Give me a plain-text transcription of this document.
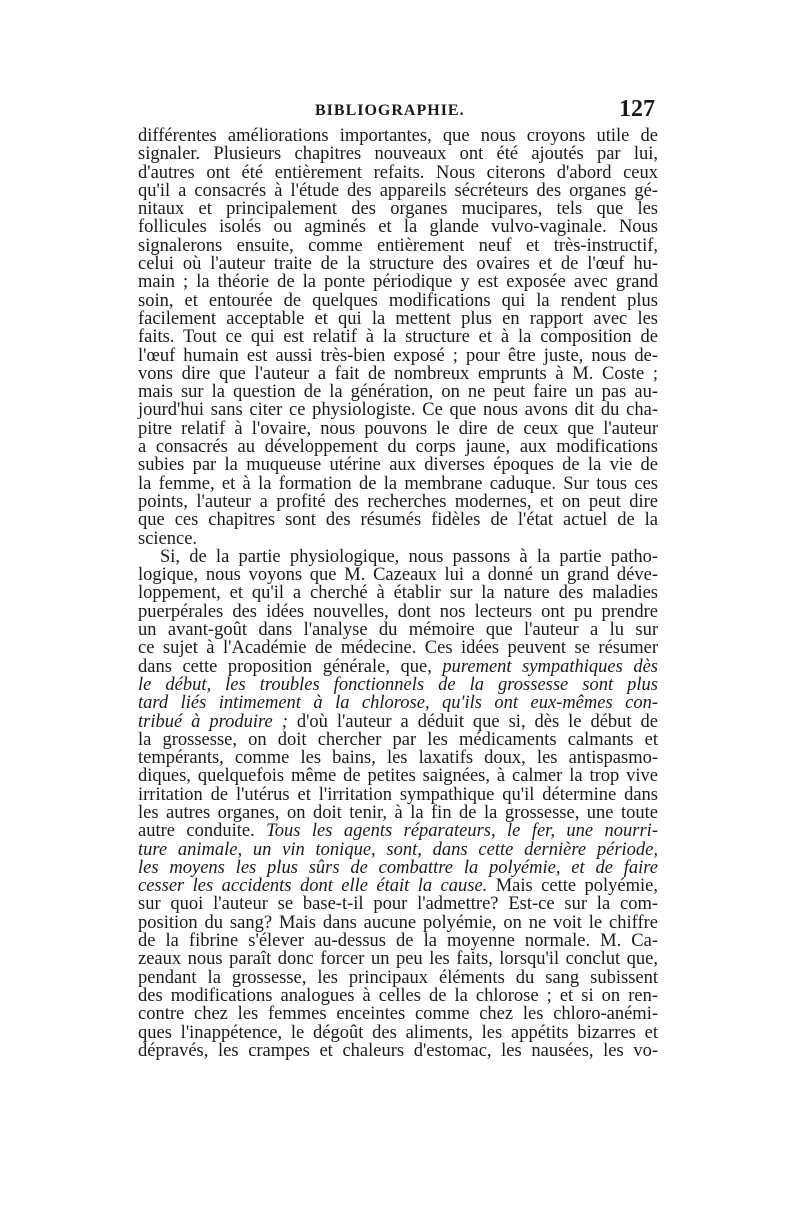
BIBLIOGRAPHIE.	127
différentes améliorations importantes, que nous croyons utile de
signaler. Plusieurs chapitres nouveaux ont été ajoutés par lui,
d'autres ont été entièrement refaits. Nous citerons d'abord ceux
qu'il a consacrés à l'étude des appareils sécréteurs des organes gé-
nitaux et principalement des organes mucipares, tels que les
follicules isolés ou agminés et la glande vulvo-vaginale. Nous
signalerons ensuite, comme entièrement neuf et très-instructif,
celui où l'auteur traite de la structure des ovaires et de l'œuf hu-
main ; la théorie de la ponte périodique y est exposée avec grand
soin, et entourée de quelques modifications qui la rendent plus
facilement acceptable et qui la mettent plus en rapport avec les
faits. Tout ce qui est relatif à la structure et à la composition de
l'œuf humain est aussi très-bien exposé ; pour être juste, nous de-
vons dire que l'auteur a fait de nombreux emprunts à M. Coste ;
mais sur la question de la génération, on ne peut faire un pas au-
jourd'hui sans citer ce physiologiste. Ce que nous avons dit du cha-
pitre relatif à l'ovaire, nous pouvons le dire de ceux que l'auteur
a consacrés au développement du corps jaune, aux modifications
subies par la muqueuse utérine aux diverses époques de la vie de
la femme, et à la formation de la membrane caduque. Sur tous ces
points, l'auteur a profité des recherches modernes, et on peut dire
que ces chapitres sont des résumés fidèles de l'état actuel de la
science.
Si, de la partie physiologique, nous passons à la partie patho-
logique, nous voyons que M. Cazeaux lui a donné un grand déve-
loppement, et qu'il a cherché à établir sur la nature des maladies
puerpérales des idées nouvelles, dont nos lecteurs ont pu prendre
un avant-goût dans l'analyse du mémoire que l'auteur a lu sur
ce sujet à l'Académie de médecine. Ces idées peuvent se résumer
dans cette proposition générale, que, purement sympathiques dès
le début, les troubles fonctionnels de la grossesse sont plus
tard liés intimement à la chlorose, qu'ils ont eux-mêmes con-
tribué à produire ; d'où l'auteur a déduit que si, dès le début de
la grossesse, on doit chercher par les médicaments calmants et
tempérants, comme les bains, les laxatifs doux, les antispasmo-
diques, quelquefois même de petites saignées, à calmer la trop vive
irritation de l'utérus et l'irritation sympathique qu'il détermine dans
les autres organes, on doit tenir, à la fin de la grossesse, une toute
autre conduite. Tous les agents réparateurs, le fer, une nourri-
ture animale, un vin tonique, sont, dans cette dernière période,
les moyens les plus sûrs de combattre la polyémie, et de faire
cesser les accidents dont elle était la cause. Mais cette polyémie,
sur quoi l'auteur se base-t-il pour l'admettre? Est-ce sur la com-
position du sang? Mais dans aucune polyémie, on ne voit le chiffre
de la fibrine s'élever au-dessus de la moyenne normale. M. Ca-
zeaux nous paraît donc forcer un peu les faits, lorsqu'il conclut que,
pendant la grossesse, les principaux éléments du sang subissent
des modifications analogues à celles de la chlorose ; et si on ren-
contre chez les femmes enceintes comme chez les chloro-anémi-
ques l'inappétence, le dégoût des aliments, les appétits bizarres et
dépravés, les crampes et chaleurs d'estomac, les nausées, les vo-
